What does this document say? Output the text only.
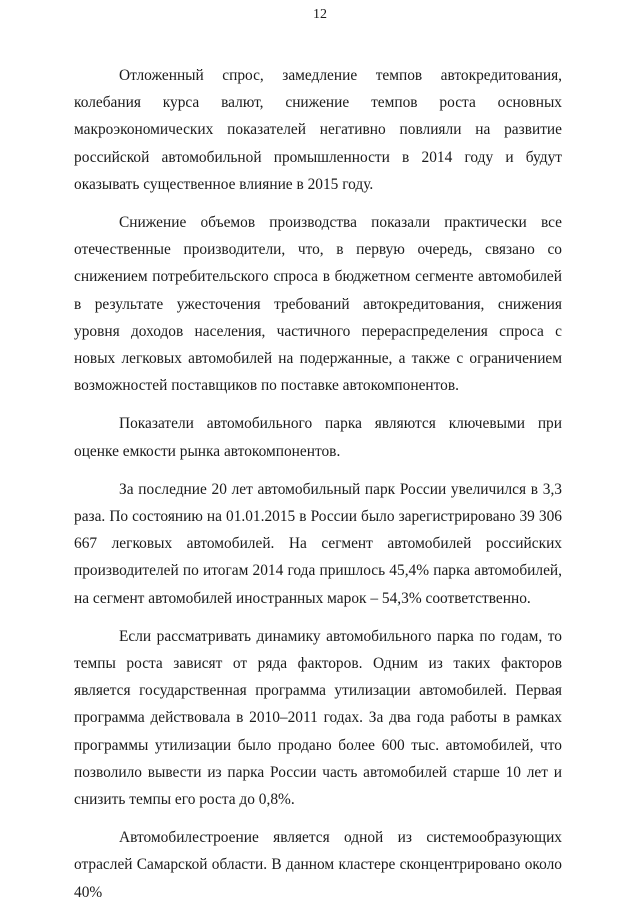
12

Отложенный спрос, замедление темпов автокредитования, колебания курса валют, снижение темпов роста основных макроэкономических показателей негативно повлияли на развитие российской автомобильной промышленности в 2014 году и будут оказывать существенное влияние в 2015 году.

Снижение объемов производства показали практически все отечественные производители, что, в первую очередь, связано со снижением потребительского спроса в бюджетном сегменте автомобилей в результате ужесточения требований автокредитования, снижения уровня доходов населения, частичного перераспределения спроса с новых легковых автомобилей на подержанные, а также с ограничением возможностей поставщиков по поставке автокомпонентов.

Показатели автомобильного парка являются ключевыми при оценке емкости рынка автокомпонентов.

За последние 20 лет автомобильный парк России увеличился в 3,3 раза. По состоянию на 01.01.2015 в России было зарегистрировано 39 306 667 легковых автомобилей. На сегмент автомобилей российских производителей по итогам 2014 года пришлось 45,4% парка автомобилей, на сегмент автомобилей иностранных марок – 54,3% соответственно.

Если рассматривать динамику автомобильного парка по годам, то темпы роста зависят от ряда факторов. Одним из таких факторов является государственная программа утилизации автомобилей. Первая программа действовала в 2010–2011 годах. За два года работы в рамках программы утилизации было продано более 600 тыс. автомобилей, что позволило вывести из парка России часть автомобилей старше 10 лет и снизить темпы его роста до 0,8%.

Автомобилестроение является одной из системообразующих отраслей Самарской области. В данном кластере сконцентрировано около 40%
